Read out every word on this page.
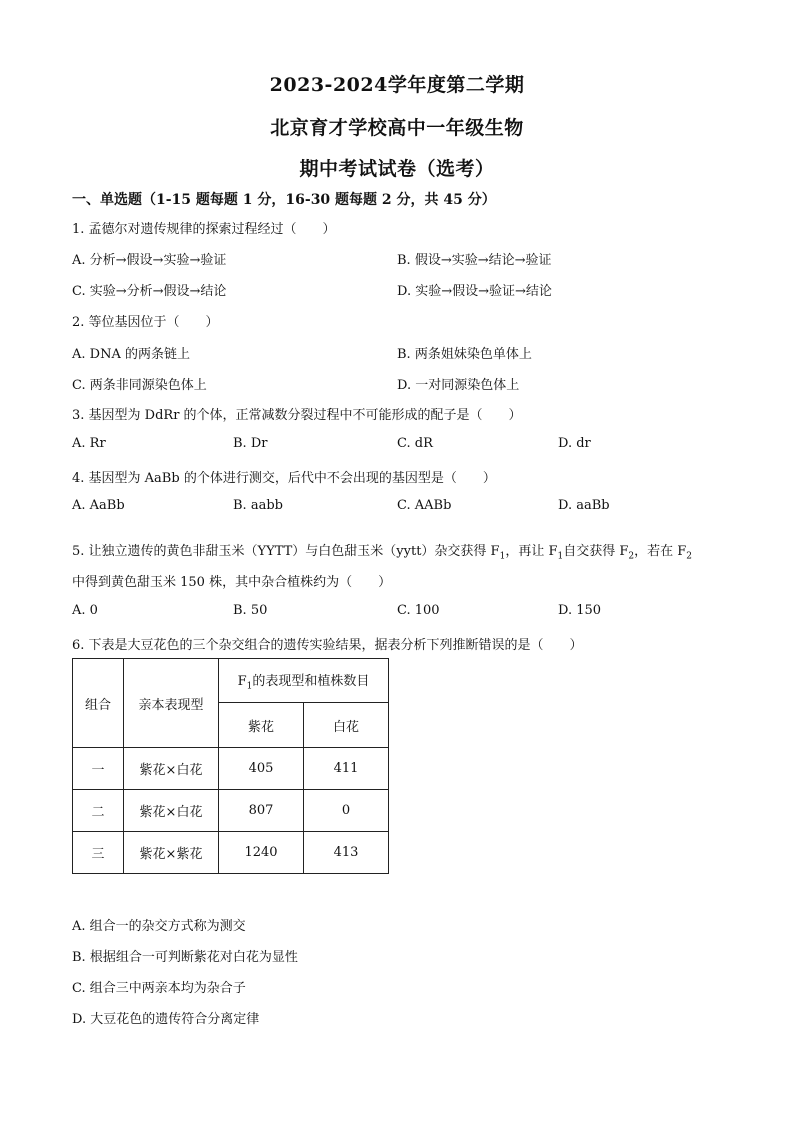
2023-2024学年度第二学期
北京育才学校高中一年级生物
期中考试试卷（选考）
一、单选题（1-15 题每题 1 分，16-30 题每题 2 分，共 45 分）
1. 孟德尔对遗传规律的探索过程经过（　　）
A. 分析→假设→实验→验证	B. 假设→实验→结论→验证
C. 实验→分析→假设→结论	D. 实验→假设→验证→结论
2. 等位基因位于（　　）
A. DNA 的两条链上	B. 两条姐妹染色单体上
C. 两条非同源染色体上	D. 一对同源染色体上
3. 基因型为 DdRr 的个体，正常减数分裂过程中不可能形成的配子是（　　）
A. Rr	B. Dr	C. dR	D. dr
4. 基因型为 AaBb 的个体进行测交，后代中不会出现的基因型是（　　）
A. AaBb	B. aabb	C. AABb	D. aaBb
5. 让独立遗传的黄色非甜玉米（YYTT）与白色甜玉米（yytt）杂交获得 $F_1$，再让 $F_1$自交获得 $F_2$，若在 $F_2$
中得到黄色甜玉米 150 株，其中杂合植株约为（　　）
A. 0	B. 50	C. 100	D. 150
6. 下表是大豆花色的三个杂交组合的遗传实验结果，据表分析下列推断错误的是（　　）
组合	亲本表现型	$F_1$的表现型和植株数目	
		紫花	白花
一	紫花×白花	405	411
二	紫花×白花	807	0
三	紫花×紫花	1240	413
A. 组合一的杂交方式称为测交
B. 根据组合一可判断紫花对白花为显性
C. 组合三中两亲本均为杂合子
D. 大豆花色的遗传符合分离定律
